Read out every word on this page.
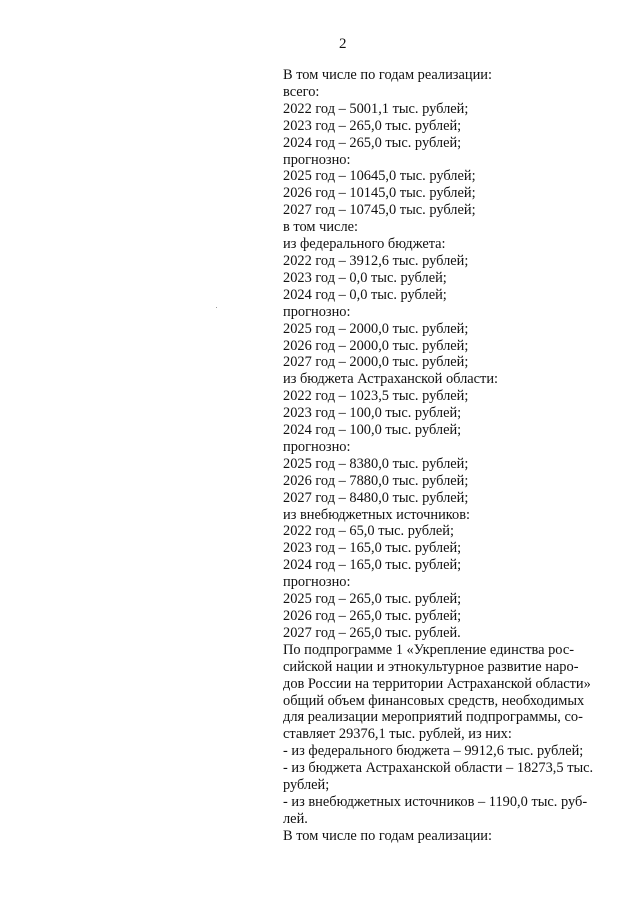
2
В том числе по годам реализации:
всего:
2022 год – 5001,1 тыс. рублей;
2023 год – 265,0 тыс. рублей;
2024 год – 265,0 тыс. рублей;
прогнозно:
2025 год – 10645,0 тыс. рублей;
2026 год – 10145,0 тыс. рублей;
2027 год – 10745,0 тыс. рублей;
в том числе:
из федерального бюджета:
2022 год – 3912,6 тыс. рублей;
2023 год – 0,0 тыс. рублей;
2024 год – 0,0 тыс. рублей;
прогнозно:
2025 год – 2000,0 тыс. рублей;
2026 год – 2000,0 тыс. рублей;
2027 год – 2000,0 тыс. рублей;
из бюджета Астраханской области:
2022 год – 1023,5 тыс. рублей;
2023 год – 100,0 тыс. рублей;
2024 год – 100,0 тыс. рублей;
прогнозно:
2025 год – 8380,0 тыс. рублей;
2026 год – 7880,0 тыс. рублей;
2027 год – 8480,0 тыс. рублей;
из внебюджетных источников:
2022 год – 65,0 тыс. рублей;
2023 год – 165,0 тыс. рублей;
2024 год – 165,0 тыс. рублей;
прогнозно:
2025 год – 265,0 тыс. рублей;
2026 год – 265,0 тыс. рублей;
2027 год – 265,0 тыс. рублей.
По подпрограмме 1 «Укрепление единства рос-
сийской нации и этнокультурное развитие наро-
дов России на территории Астраханской области»
общий объем финансовых средств, необходимых
для реализации мероприятий подпрограммы, со-
ставляет 29376,1 тыс. рублей, из них:
- из федерального бюджета – 9912,6 тыс. рублей;
- из бюджета Астраханской области – 18273,5 тыс.
рублей;
- из внебюджетных источников – 1190,0 тыс. руб-
лей.
В том числе по годам реализации:
